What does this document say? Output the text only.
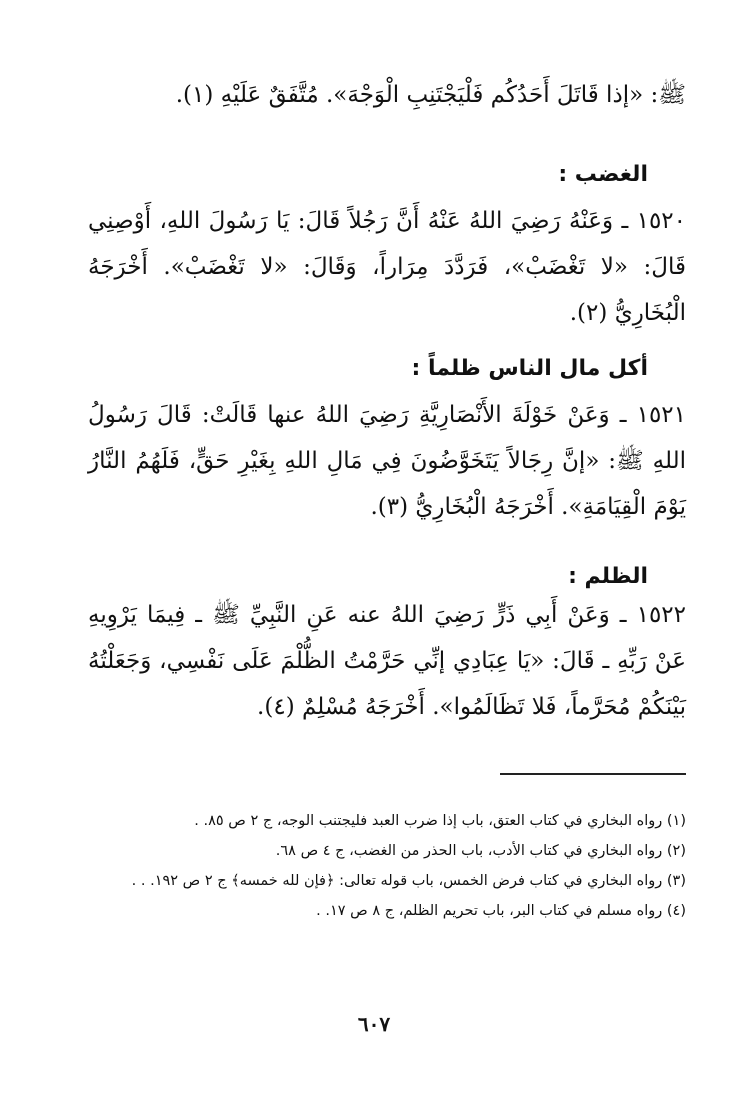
ﷺ: «إذا قَاتَلَ أَحَدُكُم فَلْيَجْتَنِبِ الْوَجْهَ». مُتَّفَقٌ عَلَيْهِ (١).
الغضب :
١٥٢٠ ـ وَعَنْهُ رَضِيَ اللهُ عَنْهُ أَنَّ رَجُلاً قَالَ: يَا رَسُولَ اللهِ، أَوْصِنِي قَالَ: «لا تَغْضَبْ»، فَرَدَّدَ مِرَاراً، وَقَالَ: «لا تَغْضَبْ». أَخْرَجَهُ الْبُخَارِيُّ (٢).
أكل مال الناس ظلماً :
١٥٢١ ـ وَعَنْ خَوْلَةَ الأَنْصَارِيَّةِ رَضِيَ اللهُ عنها قَالَتْ: قَالَ رَسُولُ اللهِ ﷺ: «إنَّ رِجَالاً يَتَخَوَّضُونَ فِي مَالِ اللهِ بِغَيْرِ حَقٍّ، فَلَهُمُ النَّارُ يَوْمَ الْقِيَامَةِ». أَخْرَجَهُ الْبُخَارِيُّ (٣).
الظلم :
١٥٢٢ ـ وَعَنْ أَبِي ذَرٍّ رَضِيَ اللهُ عنه عَنِ النَّبِيِّ ﷺ ـ فِيمَا يَرْوِيهِ عَنْ رَبِّهِ ـ قَالَ: «يَا عِبَادِي إنِّي حَرَّمْتُ الظُّلْمَ عَلَى نَفْسِي، وَجَعَلْتُهُ بَيْنَكُمْ مُحَرَّماً، فَلا تَظَالَمُوا». أَخْرَجَهُ مُسْلِمٌ (٤).
(١) رواه البخاري في كتاب العتق، باب إذا ضرب العبد فليجتنب الوجه، ج ٢ ص ٨٥. .
(٢) رواه البخاري في كتاب الأدب، باب الحذر من الغضب، ج ٤ ص ٦٨.
(٣) رواه البخاري في كتاب فرض الخمس، باب قوله تعالى: ﴿فإن لله خمسه﴾ ج ٢ ص ١٩٢. . .
(٤) رواه مسلم في كتاب البر، باب تحريم الظلم، ج ٨ ص ١٧. .
٦٠٧
